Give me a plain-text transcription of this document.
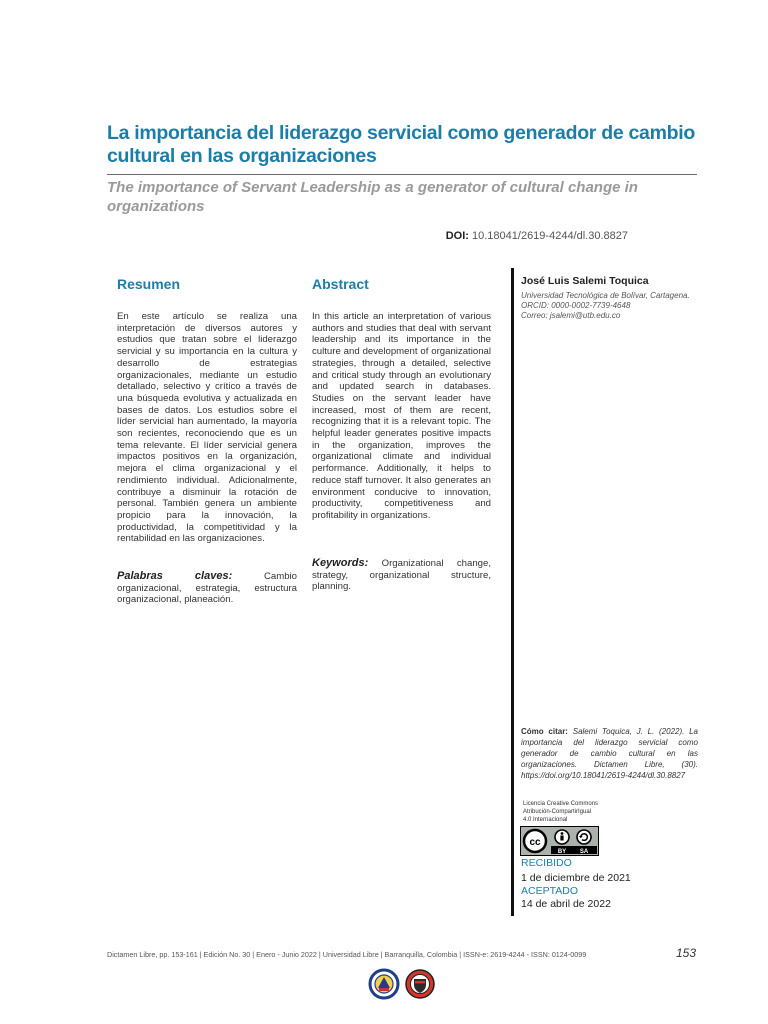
La importancia del liderazgo servicial como generador de cambio cultural en las organizaciones
The importance of Servant Leadership as a generator of cultural change in organizations
DOI: 10.18041/2619-4244/dl.30.8827
Resumen
En este artículo se realiza una interpretación de diversos autores y estudios que tratan sobre el liderazgo servicial y su importancia en la cultura y desarrollo de estrategias organizacionales, mediante un estudio detallado, selectivo y crítico a través de una búsqueda evolutiva y actualizada en bases de datos. Los estudios sobre el líder servicial han aumentado, la mayoría son recientes, reconociendo que es un tema relevante. El líder servicial genera impactos positivos en la organización, mejora el clima organizacional y el rendimiento individual. Adicionalmente, contribuye a disminuir la rotación de personal. También genera un ambiente propicio para la innovación, la productividad, la competitividad y la rentabilidad en las organizaciones.
Palabras claves:	Cambio organizacional, estrategia, estructura organizacional, planeación.
Abstract
In this article an interpretation of various authors and studies that deal with servant leadership and its importance in the culture and development of organizational strategies, through a detailed, selective and critical study through an evolutionary and updated search in databases. Studies on the servant leader have increased, most of them are recent, recognizing that it is a relevant topic. The helpful leader generates positive impacts in the organization, improves the organizational climate and individual performance. Additionally, it helps to reduce staff turnover. It also generates an environment conducive to innovation, productivity, competitiveness and profitability in organizations.
Keywords: Organizational change, strategy, organizational structure, planning.
José Luis Salemi Toquica
Universidad Tecnológica de Bolívar, Cartagena.
ORCID: 0000-0002-7739-4648
Correo: jsalemi@utb.edu.co
Cómo citar: Salemi Toquica, J. L. (2022). La importancia del liderazgo servicial como generador de cambio cultural en las organizaciones. Dictamen Libre, (30). https://doi.org/10.18041/2619-4244/dl.30.8827
Licencia Creative Commons
Atribución-CompartirIgual
4.0 Internacional
cc
BY SA
RECIBIDO
1 de diciembre de 2021
ACEPTADO
14 de abril de 2022
Dictamen Libre, pp. 153-161 | Edición No. 30 | Enero - Junio 2022 | Universidad Libre | Barranquilla, Colombia | ISSN-e: 2619-4244 - ISSN: 0124-0099	153
